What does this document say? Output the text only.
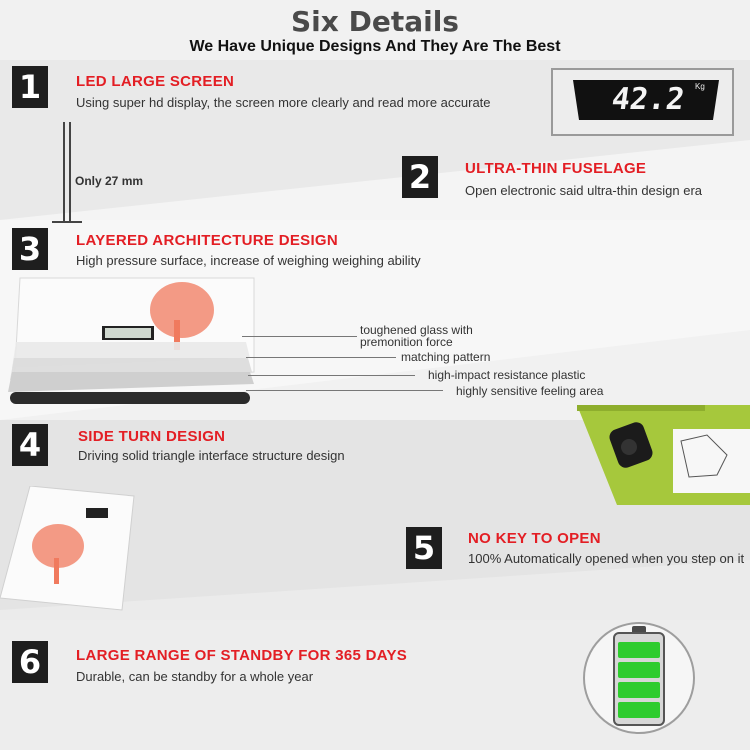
Six Details
We Have Unique Designs And They Are The Best
1	LED LARGE SCREEN
Using super hd display, the screen more clearly and read more accurate	42.2	Kg
Only 27 mm	2	ULTRA-THIN FUSELAGE
Open electronic said ultra-thin design era
3	LAYERED ARCHITECTURE DESIGN
High pressure surface, increase of weighing weighing ability
toughened glass with premonition force
matching pattern
high-impact resistance plastic
highly sensitive feeling area
4	SIDE TURN DESIGN
Driving solid triangle interface structure design
5	NO KEY TO OPEN
100% Automatically opened when you step on it
6	LARGE RANGE OF STANDBY FOR 365 DAYS
Durable, can be standby for a whole year
